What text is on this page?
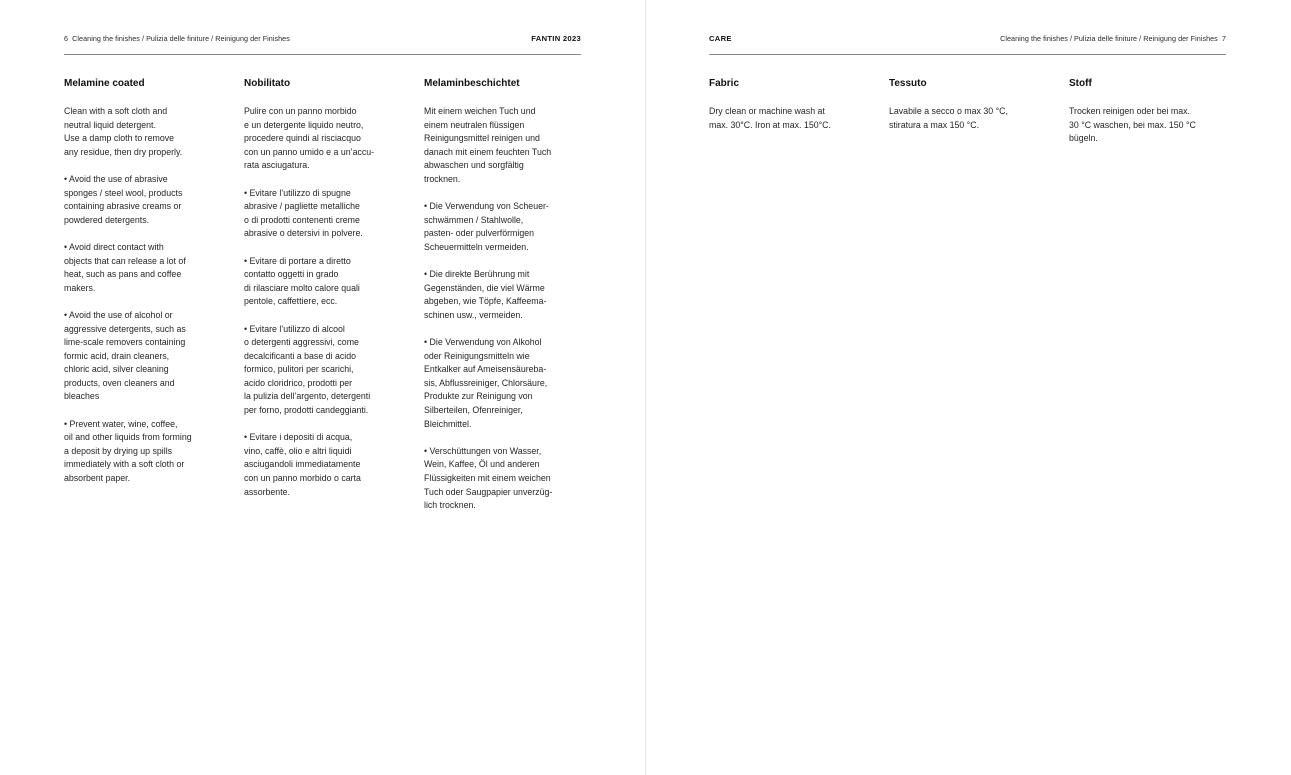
6 Cleaning the finishes / Pulizia delle finiture / Reinigung der Finishes	FANTIN 2023
Melamine coated

Clean with a soft cloth and
neutral liquid detergent.
Use a damp cloth to remove
any residue, then dry properly.

• Avoid the use of abrasive
sponges / steel wool, products
containing abrasive creams or
powdered detergents.

• Avoid direct contact with
objects that can release a lot of
heat, such as pans and coffee
makers.

• Avoid the use of alcohol or
aggressive detergents, such as
lime-scale removers containing
formic acid, drain cleaners,
chloric acid, silver cleaning
products, oven cleaners and
bleaches

• Prevent water, wine, coffee,
oil and other liquids from forming
a deposit by drying up spills
immediately with a soft cloth or
absorbent paper.

Nobilitato

Pulire con un panno morbido
e un detergente liquido neutro,
procedere quindi al risciacquo
con un panno umido e a un’accu-
rata asciugatura.

• Evitare l’utilizzo di spugne
abrasive / pagliette metalliche
o di prodotti contenenti creme
abrasive o detersivi in polvere.

• Evitare di portare a diretto
contatto oggetti in grado
di rilasciare molto calore quali
pentole, caffettiere, ecc.

• Evitare l’utilizzo di alcool
o detergenti aggressivi, come
decalcificanti a base di acido
formico, pulitori per scarichi,
acido cloridrico, prodotti per
la pulizia dell’argento, detergenti
per forno, prodotti candeggianti.

• Evitare i depositi di acqua,
vino, caffè, olio e altri liquidi
asciugandoli immediatamente
con un panno morbido o carta
assorbente.

Melaminbeschichtet

Mit einem weichen Tuch und
einem neutralen flüssigen
Reinigungsmittel reinigen und
danach mit einem feuchten Tuch
abwaschen und sorgfältig
trocknen.

• Die Verwendung von Scheuer-
schwämmen / Stahlwolle,
pasten- oder pulverförmigen
Scheuermitteln vermeiden.

• Die direkte Berührung mit
Gegenständen, die viel Wärme
abgeben, wie Töpfe, Kaffeema-
schinen usw., vermeiden.

• Die Verwendung von Alkohol
oder Reinigungsmitteln wie
Entkalker auf Ameisensäureba-
sis, Abflussreiniger, Chlorsäure,
Produkte zur Reinigung von
Silberteilen, Ofenreiniger,
Bleichmittel.

• Verschüttungen von Wasser,
Wein, Kaffee, Öl und anderen
Flüssigkeiten mit einem weichen
Tuch oder Saugpapier unverzüg-
lich trocknen.

CARE	Cleaning the finishes / Pulizia delle finiture / Reinigung der Finishes 7
Fabric

Dry clean or machine wash at
max. 30°C. Iron at max. 150°C.

Tessuto

Lavabile a secco o max 30 °C,
stiratura a max 150 °C.

Stoff

Trocken reinigen oder bei max.
30 °C waschen, bei max. 150 °C
bügeln.
